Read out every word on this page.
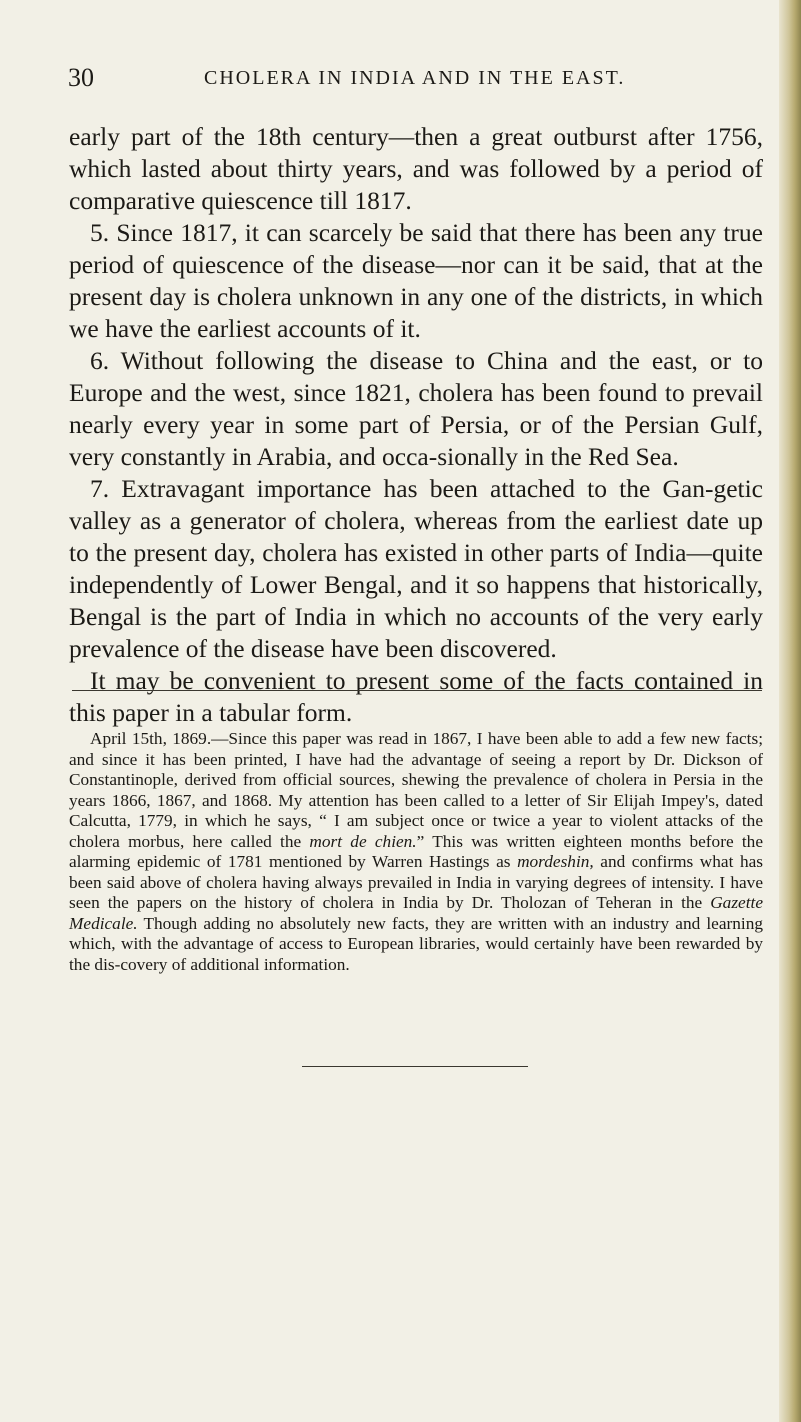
30	CHOLERA IN INDIA AND IN THE EAST.

early part of the 18th century—then a great outburst after 1756, which lasted about thirty years, and was followed by a period of comparative quiescence till 1817.

5. Since 1817, it can scarcely be said that there has been any true period of quiescence of the disease—nor can it be said, that at the present day is cholera unknown in any one of the districts, in which we have the earliest accounts of it.

6. Without following the disease to China and the east, or to Europe and the west, since 1821, cholera has been found to prevail nearly every year in some part of Persia, or of the Persian Gulf, very constantly in Arabia, and occa-sionally in the Red Sea.

7. Extravagant importance has been attached to the Gan-getic valley as a generator of cholera, whereas from the earliest date up to the present day, cholera has existed in other parts of India—quite independently of Lower Bengal, and it so happens that historically, Bengal is the part of India in which no accounts of the very early prevalence of the disease have been discovered.

It may be convenient to present some of the facts contained in this paper in a tabular form.

April 15th, 1869.—Since this paper was read in 1867, I have been able to add a few new facts; and since it has been printed, I have had the advantage of seeing a report by Dr. Dickson of Constantinople, derived from official sources, shewing the prevalence of cholera in Persia in the years 1866, 1867, and 1868. My attention has been called to a letter of Sir Elijah Impey's, dated Calcutta, 1779, in which he says, “ I am subject once or twice a year to violent attacks of the cholera morbus, here called the mort de chien.” This was written eighteen months before the alarming epidemic of 1781 mentioned by Warren Hastings as mordeshin, and confirms what has been said above of cholera having always prevailed in India in varying degrees of intensity. I have seen the papers on the history of cholera in India by Dr. Tholozan of Teheran in the Gazette Medicale. Though adding no absolutely new facts, they are written with an industry and learning which, with the advantage of access to European libraries, would certainly have been rewarded by the dis-covery of additional information.
